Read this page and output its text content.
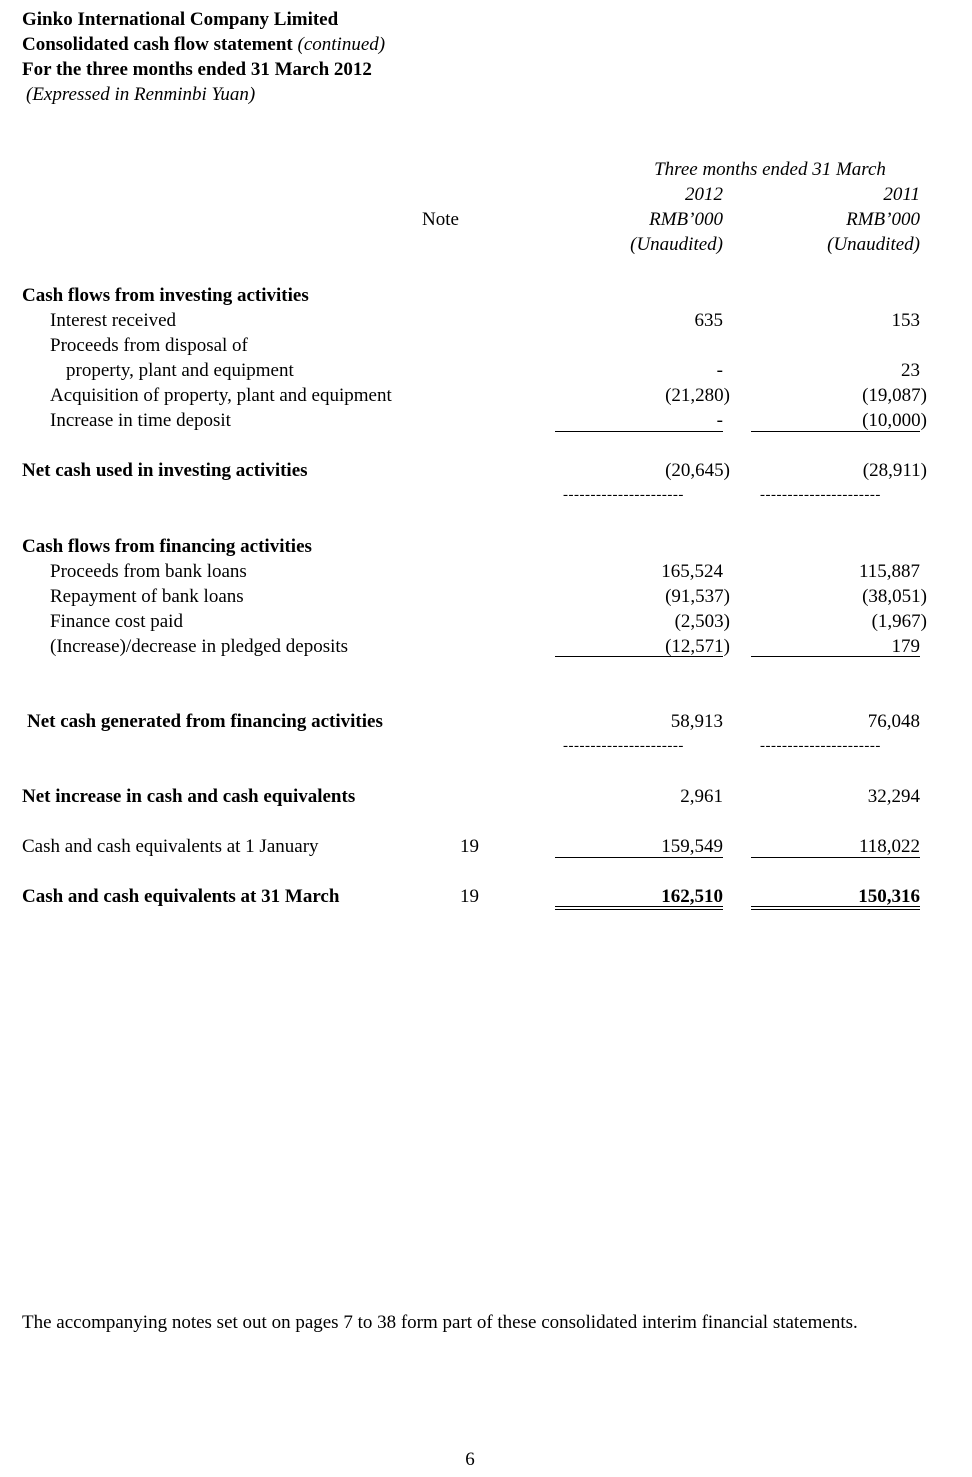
Ginko International Company Limited
Consolidated cash flow statement (continued)
For the three months ended 31 March 2012
(Expressed in Renminbi Yuan)
Three months ended 31 March
2012	2011
Note	RMB’000	RMB’000
(Unaudited)	(Unaudited)
Cash flows from investing activities
Interest received	635	153
Proceeds from disposal of
property, plant and equipment	-	23
Acquisition of property, plant and equipment	(21,280)	(19,087)
Increase in time deposit	-	(10,000)
Net cash used in investing activities	(20,645)	(28,911)
----------------------	----------------------
Cash flows from financing activities
Proceeds from bank loans	165,524	115,887
Repayment of bank loans	(91,537)	(38,051)
Finance cost paid	(2,503)	(1,967)
(Increase)/decrease in pledged deposits	(12,571)	179
Net cash generated from financing activities	58,913	76,048
----------------------	----------------------
Net increase in cash and cash equivalents	2,961	32,294
Cash and cash equivalents at 1 January	19	159,549	118,022
Cash and cash equivalents at 31 March	19	162,510	150,316
The accompanying notes set out on pages 7 to 38 form part of these consolidated interim financial statements.
6
